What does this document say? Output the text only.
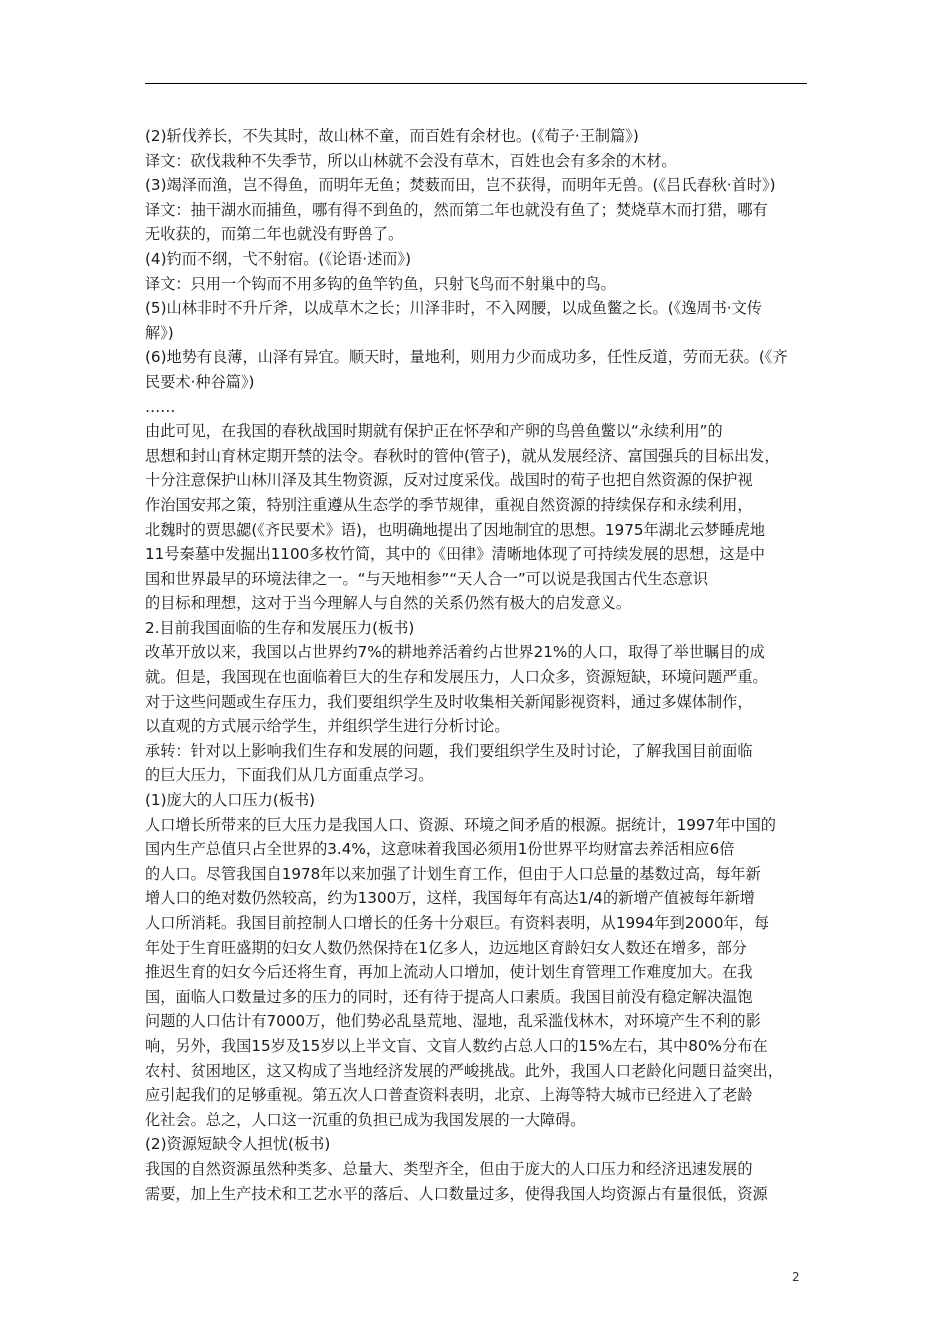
(2)斩伐养长，不失其时，故山林不童，而百姓有余材也。(《荀子·王制篇》)

译文：砍伐栽种不失季节，所以山林就不会没有草木，百姓也会有多余的木材。

(3)竭泽而渔，岂不得鱼，而明年无鱼；焚薮而田，岂不获得，而明年无兽。(《吕氏春秋·首时》)

译文：抽干湖水而捕鱼，哪有得不到鱼的，然而第二年也就没有鱼了；焚烧草木而打猎，哪有

无收获的，而第二年也就没有野兽了。

(4)钓而不纲，弋不射宿。(《论语·述而》)

译文：只用一个钩而不用多钩的鱼竿钓鱼，只射飞鸟而不射巢中的鸟。

(5)山林非时不升斤斧，以成草木之长；川泽非时，不入网腰，以成鱼鳖之长。(《逸周书·文传

解》)

(6)地势有良薄，山泽有异宜。顺天时，量地利，则用力少而成功多，任性反道，劳而无获。(《齐

民要术·种谷篇》)

……

由此可见，在我国的春秋战国时期就有保护正在怀孕和产卵的鸟兽鱼鳖以“永续利用”的

思想和封山育林定期开禁的法令。春秋时的管仲(管子)，就从发展经济、富国强兵的目标出发，

十分注意保护山林川泽及其生物资源，反对过度采伐。战国时的荀子也把自然资源的保护视

作治国安邦之策，特别注重遵从生态学的季节规律，重视自然资源的持续保存和永续利用，

北魏时的贾思勰(《齐民要术》语)，也明确地提出了因地制宜的思想。1975年湖北云梦睡虎地

11号秦墓中发掘出1100多枚竹简，其中的《田律》清晰地体现了可持续发展的思想，这是中

国和世界最早的环境法律之一。“与天地相参”“天人合一”可以说是我国古代生态意识

的目标和理想，这对于当今理解人与自然的关系仍然有极大的启发意义。

2.目前我国面临的生存和发展压力(板书)

改革开放以来，我国以占世界约7%的耕地养活着约占世界21%的人口，取得了举世瞩目的成

就。但是，我国现在也面临着巨大的生存和发展压力，人口众多，资源短缺，环境问题严重。

对于这些问题或生存压力，我们要组织学生及时收集相关新闻影视资料，通过多媒体制作，

以直观的方式展示给学生，并组织学生进行分析讨论。

承转：针对以上影响我们生存和发展的问题，我们要组织学生及时讨论，了解我国目前面临

的巨大压力，下面我们从几方面重点学习。

(1)庞大的人口压力(板书)

人口增长所带来的巨大压力是我国人口、资源、环境之间矛盾的根源。据统计，1997年中国的

国内生产总值只占全世界的3.4%，这意味着我国必须用1份世界平均财富去养活相应6倍

的人口。尽管我国自1978年以来加强了计划生育工作，但由于人口总量的基数过高，每年新

增人口的绝对数仍然较高，约为1300万，这样，我国每年有高达1/4的新增产值被每年新增

人口所消耗。我国目前控制人口增长的任务十分艰巨。有资料表明，从1994年到2000年，每

年处于生育旺盛期的妇女人数仍然保持在1亿多人，边远地区育龄妇女人数还在增多，部分

推迟生育的妇女今后还将生育，再加上流动人口增加，使计划生育管理工作难度加大。在我

国，面临人口数量过多的压力的同时，还有待于提高人口素质。我国目前没有稳定解决温饱

问题的人口估计有7000万，他们势必乱垦荒地、湿地，乱采滥伐林木，对环境产生不利的影

响，另外，我国15岁及15岁以上半文盲、文盲人数约占总人口的15%左右，其中80%分布在

农村、贫困地区，这又构成了当地经济发展的严峻挑战。此外，我国人口老龄化问题日益突出，

应引起我们的足够重视。第五次人口普查资料表明，北京、上海等特大城市已经进入了老龄

化社会。总之，人口这一沉重的负担已成为我国发展的一大障碍。

(2)资源短缺令人担忧(板书)

我国的自然资源虽然种类多、总量大、类型齐全，但由于庞大的人口压力和经济迅速发展的

需要，加上生产技术和工艺水平的落后、人口数量过多，使得我国人均资源占有量很低，资源

2
